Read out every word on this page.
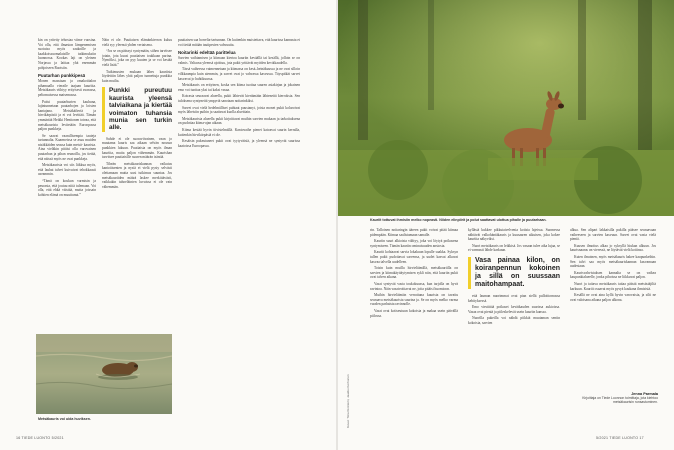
kin on yritetty tehostaa viime vuosina. Voi olla, että ilmaston lämpenemisen suotuisa myös saukoille ja kaakkoissuomalaisille tutkimuksiin luonnossa. Kookas laji on yleinen Norjassa ja laittaa yhä enemmän pohjoiseen Ruotsiin.

Puutarhan punkkipesä

Monen maastaan ja omakotitalon pihamaalla vieraile taajaan kauriita. Metsäkauris viihtyy erityisesti avarassa, peltomaisessa maisemassa.

Paitsi puutarhurien kauhuna, lajintunnetaan puutarhojen ja loisten kantajana. Metsäkäfieriä ja hirvikärpäsiä ja ei voi levittää. Tämän ymmärtää Heikki Henttonen toteaa, että metsäkaurista levitetään Euroopassa paljon punkkeja.

Se saavat vaarallisempia tauteja tartunnalta. Kaarmeissa se asuu muiden nisäkkäiden seassa kuin metsä- kaurista. Aina vieläkin pitäisi olla varovainen puutarhan ja pihan reunoilla, jos tietää, että näissä myös ne ovat punkkeja.

Metsäkaurista voi siis liikkua myös, että lauhat talvet kuivuivat tehokkaasti useammin.

“Tämä on koukun varmisin ja peurasta, että joutuu niitä tulemaan. Voi olla, että ehkä väistää, mutta joissain kohtien elämä on muuttunut.”

Näin ei ole. Puutiaisen elämänkierron kuluu vielä syy yleensä yhden vertaisena.

“Jos se on päässyt syntymään, siihen tarvitsee jotain, jota kuusi puutiaisen toukkaan parina. Nymfiksi, joka on pyy kuuten ja se voi kestää vielä lisää.”

Tutkimusten mukaan lähes kauriista löydettiin lähes yhtä paljon tunnettuja punkkia kuin muilta.

Punkki pureutuu kaurista yleensä talviaikana ja kiertää voimaton tuhansia munia sen turkin alle.

Suhde ei ole suoraviivainen, vaan jo muutama kauris saa aikaan selvän nousun punkkien lukuun. Puutiaisia on myös ilman kauriita, mutta paljon vähemmän. Kaurishan tarvitsee puutiaisille suuren määrän isäntiä.

Tiheän metsäkauriskannan vaikutus kantoiäsenten ja nysiä ei vielä pysty selvästi olettamaan mutta uusi tutkimus suuntaa. Jos metsäkauriiden määrä laskee merkittävästi, vaikkakin tuhoeläinten luvuissa ei ole vain vähemmän.

puutiaisen saa borrelia-tartunnan. On kuitenkin muistettava, että kaurissa kannasta ei voi tietää mitään tautipesien vahvuutta.

Noitarinki edeltää parittelua

Sarvien vaihtamisen ja kiimaan kiertoa kauriin keväällä tai kesällä, jolloin se on valmis. Valtaosa yleensä ajoittuu, jota pukit yrittävät myöden kevätkaudella.

Tässä vaiheessa vaimennetaan ja kiimassa on kesä–heinäkuussa ja ne ovat silloin vilkkaampia kuin aiemmin, ja sarvet ovat jo vahvassa kasvussa. Täyspitkät sarvet kasvavat jo huhtikuussa.

Metsäkauris on erityinen, koska sen kiima tuottaa suuren asiakirjan ja jokainen emo voi tuottaa yksi tai kaksi vasaa.

Koirasta seuraavat alueella, pukit lähtevät kiertämään lähteneitä kierroksia. Sen tuloksena syntyneitä ympyriä sanotaan noitarinkiksi.

Sarvet ovat vielä hedelmälliset puhtaat puustanyt, joista monet pukit kolaroivat myös läheisiin puihin ja saattavat kuolla alueittain.

Metsäkaurista alueella pukit kirjoittavat muihin sarvien mukaan ja tarkoituksena on pudottaa kiima-ajan aikaan.

Kiima kestää hyvin tiivistelmällä. Kantovaihe pienet katoavat suurin kerralla, kuitenkin hirvikärpäsiä ei ole.

Kesäisin pukeutuneet pukit ovat tyytyväisiä, ja yleensä ne syntyvät suurissa kaatoissa Euroopassa.

Metsäkauris voi uida huviksen.
16 TIEDE LUONTO 5/2021
Kauriit tottuvat ihmisiin melko nopeasti. Niiden elinpiirit ja polut saattavat ulottua pihalle ja puutarhaan.
Kuvat: Tiina Kiviniemi, Jaakko Korhonen

rin. Talloinen noitaringin ääreen pukit voivat pitää kiimaa pidempään. Kiimaa saalistamaan samalle.

Kauriin suuri alkioista välttyy, joka voi löytyä poikasena syntymiseen. Tämän kauriin ominaisuuden ansiosta.

Kauriit kohtaavat sarvia lokakuun lopulle saakka. Syksyn tullen pukit pudottavat sarvensa, ja uudet kasvat alkavat kasvaa talvella uudelleen.

Toisin kuin muilla hirvieläimillä, metsäkauriilla on sarvien ja kiimakäyttäytymisen sykli niin, että kauriin pukit ovat talven aikana.

Vasat syntyvät vasta toukokuussa, kun tarjolla on hyvä ravintoa. Näin vasatvoittavat ne, joita pitäisi huomioon.

Muihin hirvieläimiin verrattuna kaurista on tavattu seuraava metsäkaurista suurina ja. Se on myös melko varma vuoden parhaista ravinnolle.

Vasat ovat kotiseutuun kokoisia ja makaa usein päivällä piilossa.

kyllästä kukkee pikkutaivelvenia kotisia lajeissa. Suomessa nähtävät valkohäntäkauris ja kuusaaren aikuisen, joka kokee kauriita näkyviksi.

Nuori metsäkauris on leikkisä. Jos vasaan tulee aika lujaa, se ei varmasti lähde karkuun.

Vasa painaa kilon, on koiranpennun kokoinen ja sillä on suussaan maitohampaat.

että lauman nuorimmat ovat pian siellä pulloittomassa kehityksessä.

Emo viestittää poikaset kevätkauden suurissa aukioissa. Vasaa ovat pieniä ja piileskelevät usein kauriin kanssa.

Nuorilla pukeilla voi nähdä piikkiä muutaman sentin kokoisia, sarvien

alkua. Sen alipari lakkaisilla pukilla pääsee seuraavaan vaiheeseen ja sarvien kasvuun. Sarvet ovat vasta vielä pieniä.

Kuusen ilmoitus alkaa jo syksyllä hiukan alkuun. Jos kaurisnaaras on vieressä, ne löytävät vielä kotiinsa.

Kuten ilmoinen, myös metsäkauris hakee kaupunkeihin. Sen talvi saa myös metsäkauriskannan kasvamaan uudestaan.

Kaurisvahvistuksen kannalta se on vaikea kaupunkialueelle, jonka pihoissa ne liikkuvat paljon.

Nuori ja taitava metsäkauris taitaa päästä metsästäjiltä karkuun. Kauriit osaavat myös pysyä kaukana ihmisistä.

Kesällä ne ovat aina kyllä hyvin varovaisia, ja silti ne ovat valoisana aikana paljon ulkona.

Jenna Parmala
Kirjoittaja on Tiede Luonnon toimittaja, jota kiehtoo metsäkaurisin runsastuminen.
5/2021 TIEDE LUONTO 17
